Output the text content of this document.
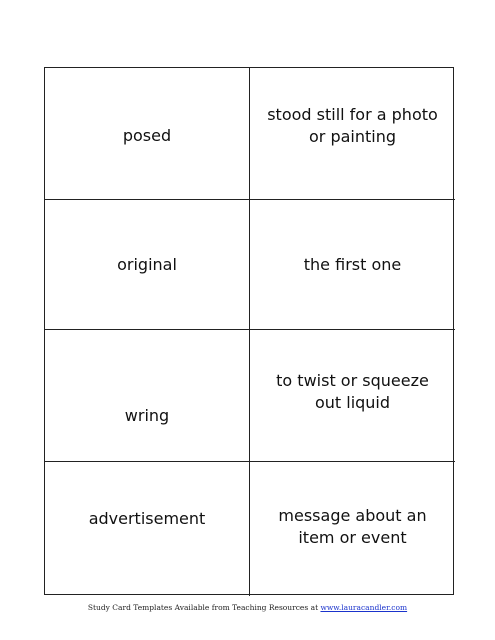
posed
stood still for a photo or painting
original	the first one
wring
to twist or squeeze out liquid
advertisement	message about an item or event
Study Card Templates Available from Teaching Resources at www.lauracandler.com
